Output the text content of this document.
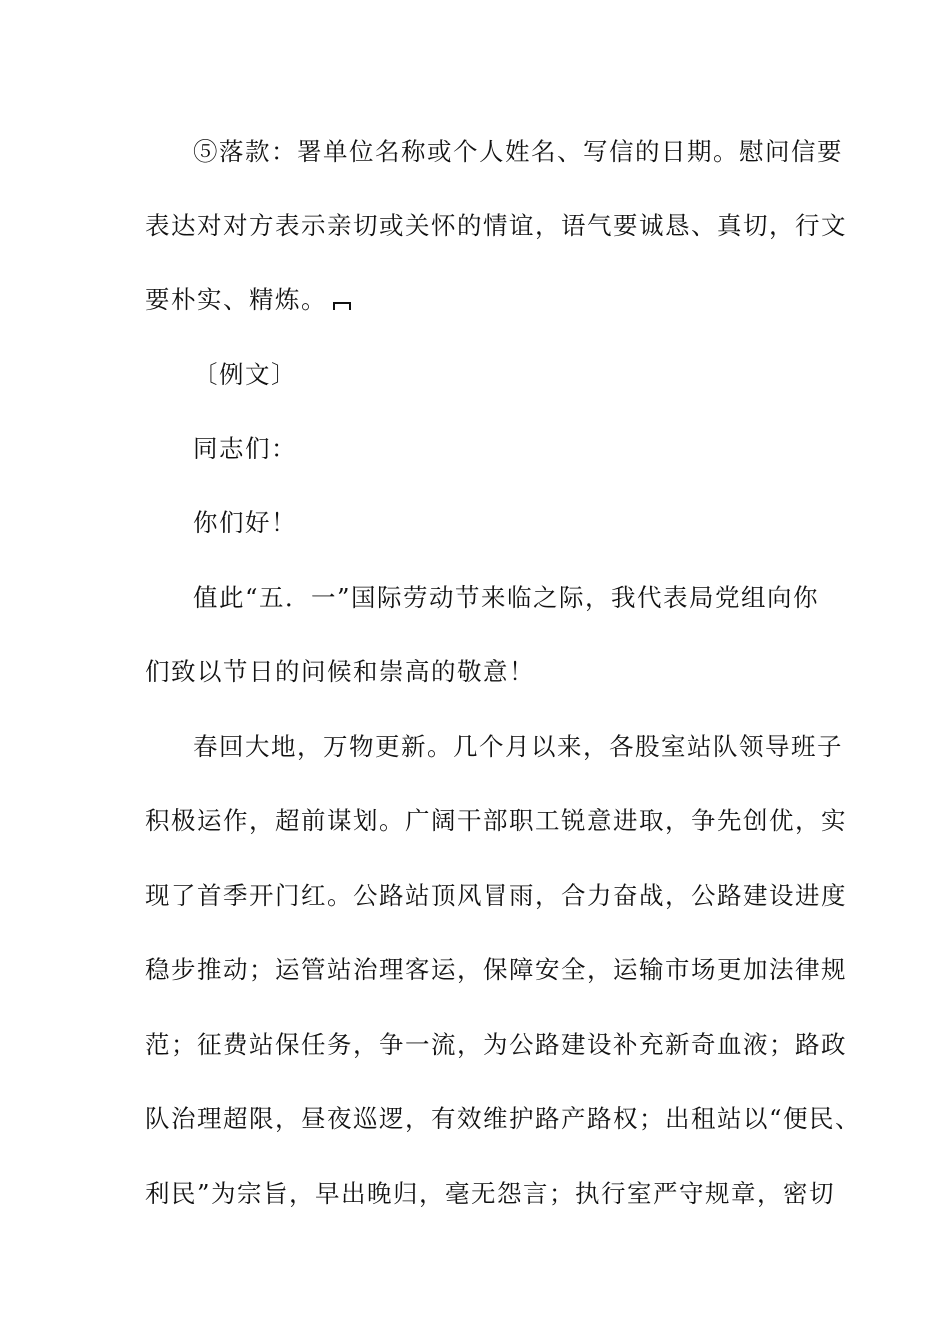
⑤落款：署单位名称或个人姓名、写信的日期。慰问信要
表达对对方表示亲切或关怀的情谊，语气要诚恳、真切，行文
要朴实、精炼。
〔例文〕
同志们：
你们好！
值此“五．一”国际劳动节来临之际，我代表局党组向你
们致以节日的问候和崇高的敬意！
春回大地，万物更新。几个月以来，各股室站队领导班子
积极运作，超前谋划。广阔干部职工锐意进取，争先创优，实
现了首季开门红。公路站顶风冒雨，合力奋战，公路建设进度
稳步推动；运管站治理客运，保障安全，运输市场更加法律规
范；征费站保任务，争一流，为公路建设补充新奇血液；路政
队治理超限，昼夜巡逻，有效维护路产路权；出租站以“便民、
利民”为宗旨，早出晚归，毫无怨言；执行室严守规章，密切
